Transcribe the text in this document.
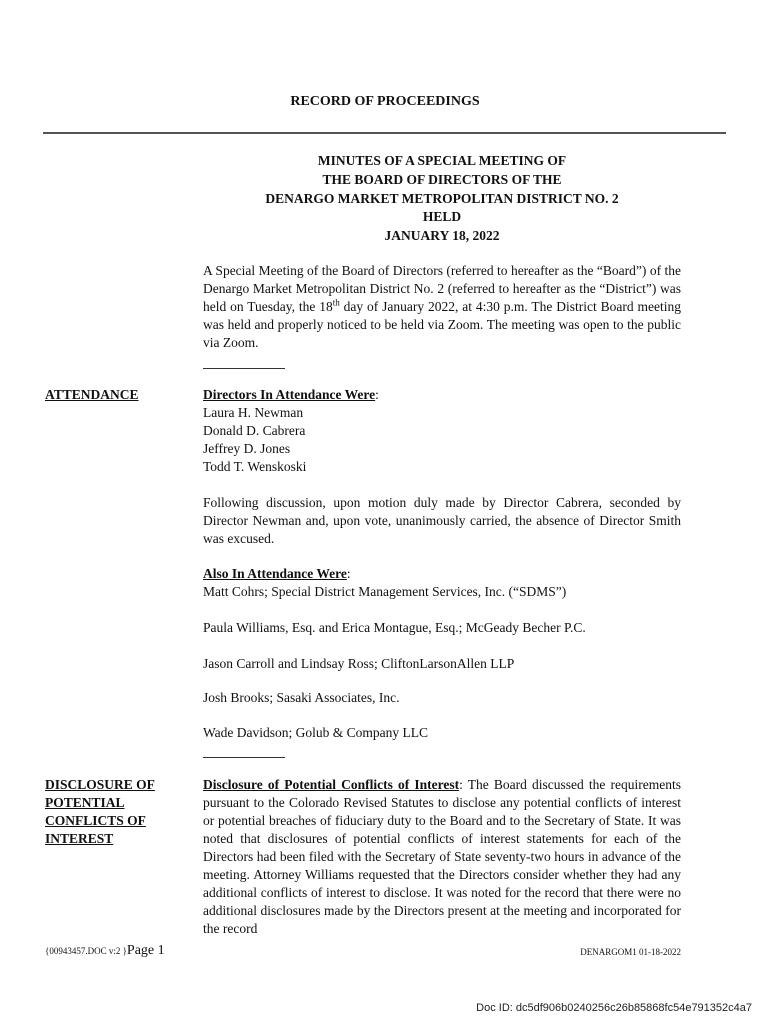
RECORD OF PROCEEDINGS
MINUTES OF A SPECIAL MEETING OF
THE BOARD OF DIRECTORS OF THE
DENARGO MARKET METROPOLITAN DISTRICT NO. 2
HELD
JANUARY 18, 2022
A Special Meeting of the Board of Directors (referred to hereafter as the “Board”) of the Denargo Market Metropolitan District No. 2 (referred to hereafter as the “District”) was held on Tuesday, the 18th day of January 2022, at 4:30 p.m. The District Board meeting was held and properly noticed to be held via Zoom. The meeting was open to the public via Zoom.
ATTENDANCE	Directors In Attendance Were:
Laura H. Newman
Donald D. Cabrera
Jeffrey D. Jones
Todd T. Wenskoski
Following discussion, upon motion duly made by Director Cabrera, seconded by Director Newman and, upon vote, unanimously carried, the absence of Director Smith was excused.
Also In Attendance Were:
Matt Cohrs; Special District Management Services, Inc. (“SDMS”)
Paula Williams, Esq. and Erica Montague, Esq.; McGeady Becher P.C.
Jason Carroll and Lindsay Ross; CliftonLarsonAllen LLP
Josh Brooks; Sasaki Associates, Inc.
Wade Davidson; Golub & Company LLC
DISCLOSURE OF
POTENTIAL
CONFLICTS OF
INTEREST
Disclosure of Potential Conflicts of Interest: The Board discussed the requirements pursuant to the Colorado Revised Statutes to disclose any potential conflicts of interest or potential breaches of fiduciary duty to the Board and to the Secretary of State. It was noted that disclosures of potential conflicts of interest statements for each of the Directors had been filed with the Secretary of State seventy-two hours in advance of the meeting. Attorney Williams requested that the Directors consider whether they had any additional conflicts of interest to disclose. It was noted for the record that there were no additional disclosures made by the Directors present at the meeting and incorporated for the record
{00943457.DOC v:2 }Page 1	DENARGOM1 01-18-2022
Doc ID: dc5df906b0240256c26b85868fc54e791352c4a7
